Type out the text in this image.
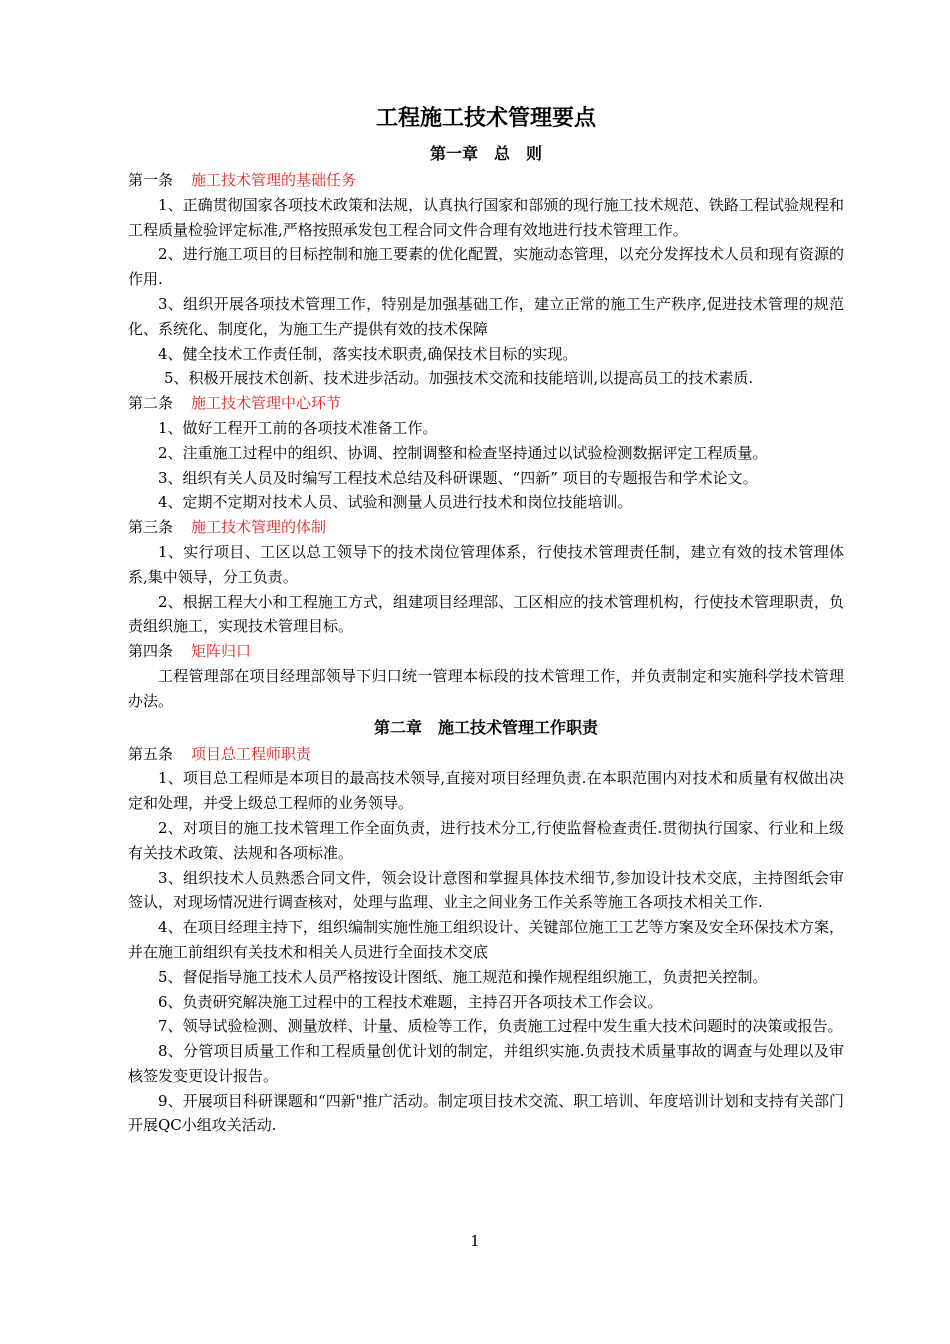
工程施工技术管理要点
第一章　总　则

第一条 施工技术管理的基础任务

1、正确贯彻国家各项技术政策和法规，认真执行国家和部颁的现行施工技术规范、铁路工程试验规程和工程质量检验评定标准,严格按照承发包工程合同文件合理有效地进行技术管理工作。

2、进行施工项目的目标控制和施工要素的优化配置，实施动态管理，以充分发挥技术人员和现有资源的作用.

3、组织开展各项技术管理工作，特别是加强基础工作，建立正常的施工生产秩序,促进技术管理的规范化、系统化、制度化，为施工生产提供有效的技术保障

4、健全技术工作责任制，落实技术职责,确保技术目标的实现。

5、积极开展技术创新、技术进步活动。加强技术交流和技能培训,以提高员工的技术素质.

第二条 施工技术管理中心环节

1、做好工程开工前的各项技术准备工作。

2、注重施工过程中的组织、协调、控制调整和检查坚持通过以试验检测数据评定工程质量。

3、组织有关人员及时编写工程技术总结及科研课题、“四新” 项目的专题报告和学术论文。

4、定期不定期对技术人员、试验和测量人员进行技术和岗位技能培训。

第三条 施工技术管理的体制

1、实行项目、工区以总工领导下的技术岗位管理体系，行使技术管理责任制，建立有效的技术管理体系,集中领导，分工负责。

2、根据工程大小和工程施工方式，组建项目经理部、工区相应的技术管理机构，行使技术管理职责，负责组织施工，实现技术管理目标。

第四条 矩阵归口

工程管理部在项目经理部领导下归口统一管理本标段的技术管理工作，并负责制定和实施科学技术管理办法。

第二章　施工技术管理工作职责

第五条 项目总工程师职责

1、项目总工程师是本项目的最高技术领导,直接对项目经理负责.在本职范围内对技术和质量有权做出决定和处理，并受上级总工程师的业务领导。

2、对项目的施工技术管理工作全面负责，进行技术分工,行使监督检查责任.贯彻执行国家、行业和上级有关技术政策、法规和各项标准。

3、组织技术人员熟悉合同文件，领会设计意图和掌握具体技术细节,参加设计技术交底，主持图纸会审签认，对现场情况进行调查核对，处理与监理、业主之间业务工作关系等施工各项技术相关工作.

4、在项目经理主持下，组织编制实施性施工组织设计、关键部位施工工艺等方案及安全环保技术方案，并在施工前组织有关技术和相关人员进行全面技术交底

5、督促指导施工技术人员严格按设计图纸、施工规范和操作规程组织施工，负责把关控制。

6、负责研究解决施工过程中的工程技术难题，主持召开各项技术工作会议。

7、领导试验检测、测量放样、计量、质检等工作，负责施工过程中发生重大技术问题时的决策或报告。

8、分管项目质量工作和工程质量创优计划的制定，并组织实施.负责技术质量事故的调查与处理以及审核签发变更设计报告。

9、开展项目科研课题和“四新"推广活动。制定项目技术交流、职工培训、年度培训计划和支持有关部门开展QC小组攻关活动.

1
